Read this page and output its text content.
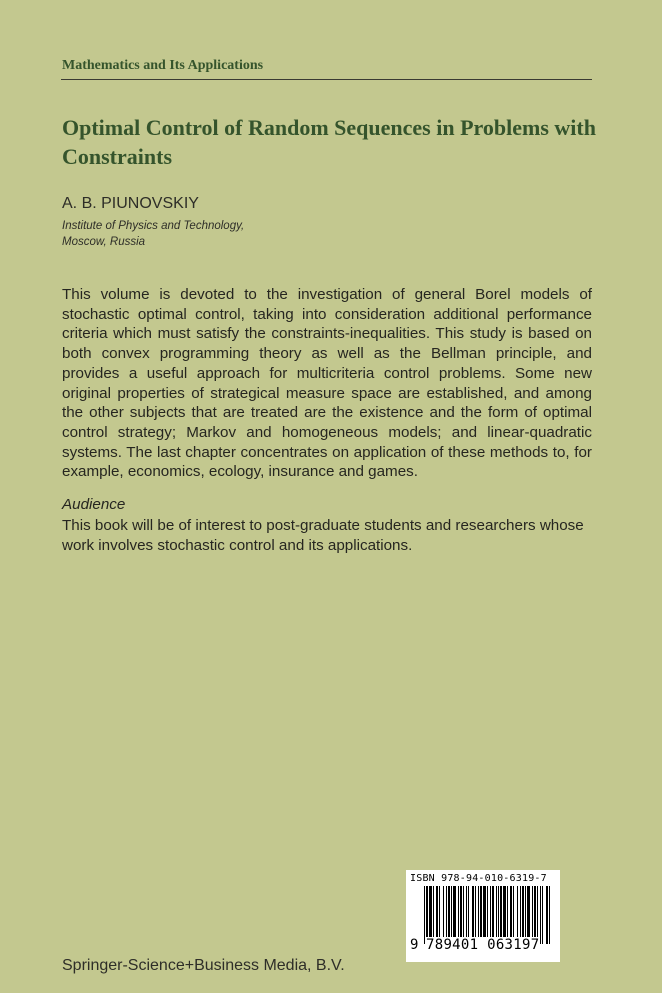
Mathematics and Its Applications
Optimal Control of Random Sequences in Problems with Constraints
A. B. PIUNOVSKIY
Institute of Physics and Technology,
Moscow, Russia

This volume is devoted to the investigation of general Borel models of stochastic optimal control, taking into consideration additional performance criteria which must satisfy the constraints-inequalities. This study is based on both convex programming theory as well as the Bellman principle, and provides a useful approach for multicriteria control problems. Some new original properties of strategical measure space are established, and among the other subjects that are treated are the existence and the form of optimal control strategy; Markov and homogeneous models; and linear-quadratic systems. The last chapter concentrates on application of these methods to, for example, economics, ecology, insurance and games.

Audience

This book will be of interest to post-graduate students and researchers whose work involves stochastic control and its applications.

ISBN 978-94-010-6319-7
9 789401 063197
Springer-Science+Business Media, B.V.
